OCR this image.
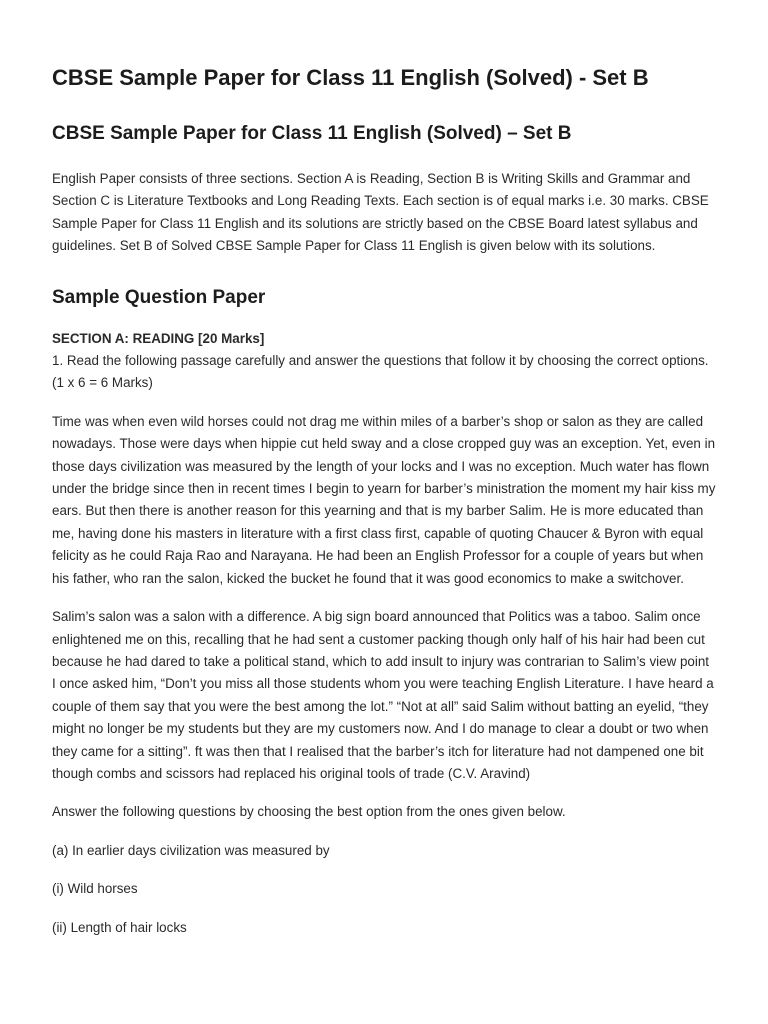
CBSE Sample Paper for Class 11 English (Solved) - Set B
CBSE Sample Paper for Class 11 English (Solved) – Set B

English Paper consists of three sections. Section A is Reading, Section B is Writing Skills and Grammar and Section C is Literature Textbooks and Long Reading Texts. Each section is of equal marks i.e. 30 marks. CBSE Sample Paper for Class 11 English and its solutions are strictly based on the CBSE Board latest syllabus and guidelines. Set B of Solved CBSE Sample Paper for Class 11 English is given below with its solutions.

Sample Question Paper

SECTION A: READING [20 Marks]
1. Read the following passage carefully and answer the questions that follow it by choosing the correct options. (1 x 6 = 6 Marks)

Time was when even wild horses could not drag me within miles of a barber’s shop or salon as they are called nowadays. Those were days when hippie cut held sway and a close cropped guy was an exception. Yet, even in those days civilization was measured by the length of your locks and I was no exception. Much water has flown under the bridge since then in recent times I begin to yearn for barber’s ministration the moment my hair kiss my ears. But then there is another reason for this yearning and that is my barber Salim. He is more educated than me, having done his masters in literature with a first class first, capable of quoting Chaucer & Byron with equal felicity as he could Raja Rao and Narayana. He had been an English Professor for a couple of years but when his father, who ran the salon, kicked the bucket he found that it was good economics to make a switchover.

Salim’s salon was a salon with a difference. A big sign board announced that Politics was a taboo. Salim once enlightened me on this, recalling that he had sent a customer packing though only half of his hair had been cut because he had dared to take a political stand, which to add insult to injury was contrarian to Salim’s view point I once asked him, “Don’t you miss all those students whom you were teaching English Literature. I have heard a couple of them say that you were the best among the lot.” “Not at all” said Salim without batting an eyelid, “they might no longer be my students but they are my customers now. And I do manage to clear a doubt or two when they came for a sitting”. ft was then that I realised that the barber’s itch for literature had not dampened one bit though combs and scissors had replaced his original tools of trade (C.V. Aravind)

Answer the following questions by choosing the best option from the ones given below.

(a) In earlier days civilization was measured by

(i) Wild horses

(ii) Length of hair locks
